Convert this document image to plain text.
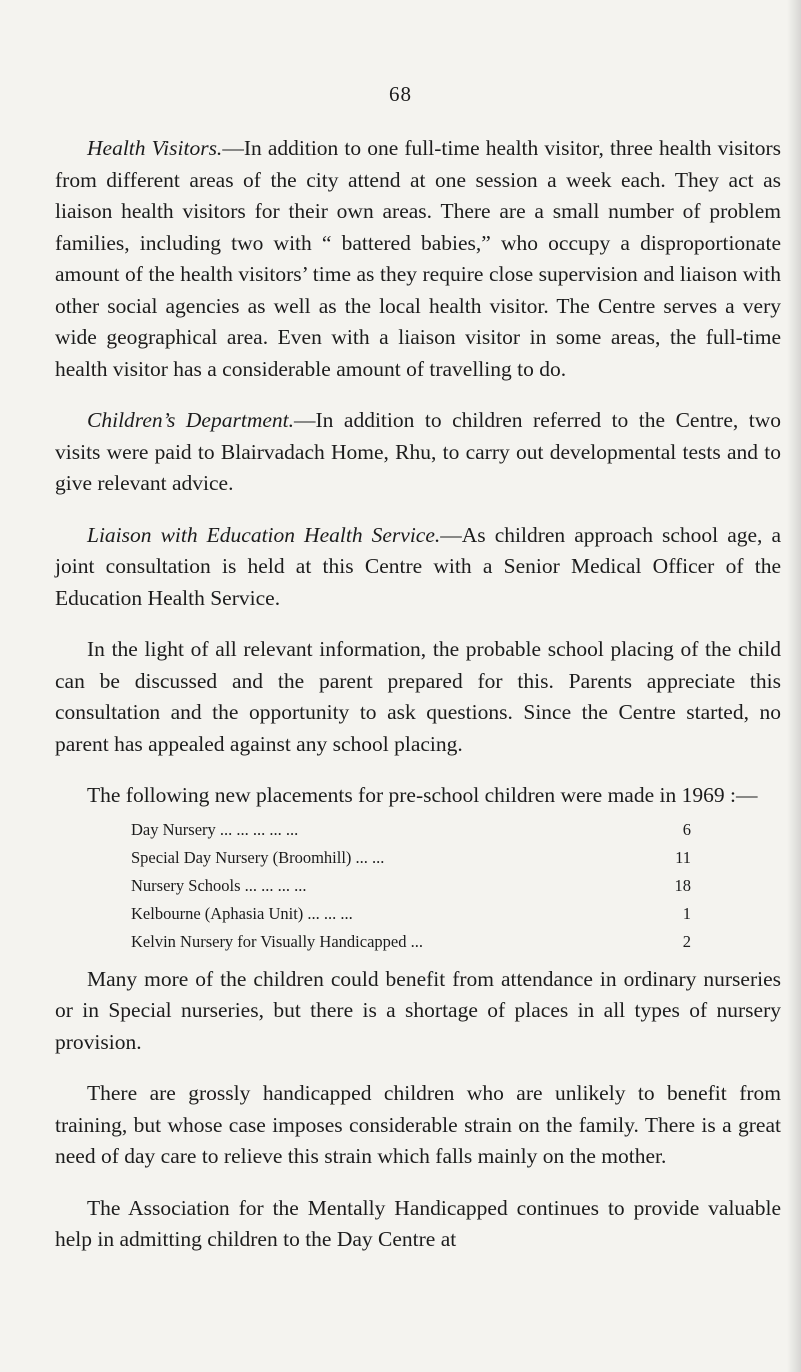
68

Health Visitors.—In addition to one full-time health visitor, three health visitors from different areas of the city attend at one session a week each. They act as liaison health visitors for their own areas. There are a small number of problem families, including two with “ battered babies,” who occupy a disproportionate amount of the health visitors’ time as they require close supervision and liaison with other social agencies as well as the local health visitor. The Centre serves a very wide geographical area. Even with a liaison visitor in some areas, the full-time health visitor has a considerable amount of travelling to do.

Children’s Department.—In addition to children referred to the Centre, two visits were paid to Blairvadach Home, Rhu, to carry out developmental tests and to give relevant advice.

Liaison with Education Health Service.—As children approach school age, a joint consultation is held at this Centre with a Senior Medical Officer of the Education Health Service.

In the light of all relevant information, the probable school placing of the child can be discussed and the parent prepared for this. Parents appreciate this consultation and the opportunity to ask questions. Since the Centre started, no parent has appealed against any school placing.

The following new placements for pre-school children were made in 1969 :—

Day Nursery ... ... ... ... ...	6
Special Day Nursery (Broomhill) ... ...	11
Nursery Schools ... ... ... ...	18
Kelbourne (Aphasia Unit) ... ... ...	1
Kelvin Nursery for Visually Handicapped ...	2

Many more of the children could benefit from attendance in ordinary nurseries or in Special nurseries, but there is a shortage of places in all types of nursery provision.

There are grossly handicapped children who are unlikely to benefit from training, but whose case imposes considerable strain on the family. There is a great need of day care to relieve this strain which falls mainly on the mother.

The Association for the Mentally Handicapped continues to provide valuable help in admitting children to the Day Centre at
